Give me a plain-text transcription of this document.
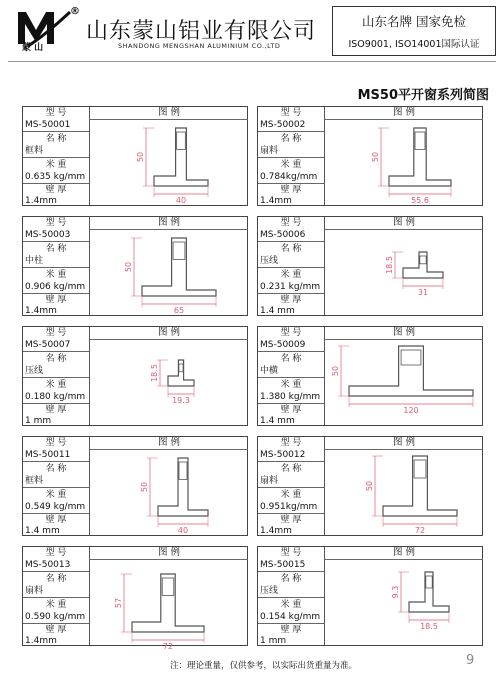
蒙 山
®
山东蒙山铝业有限公司
SHANDONG MENGSHAN ALUMINIUM CO.,LTD
山东名牌 国家免检
ISO9001, ISO14001国际认证
MS50平开窗系列简图
型 号
MS-50001
名 称
框料
米 重
0.635 kg/mm
壁 厚
1.4mm
图 例
50
40
型 号
MS-50002
名 称
扇料
米 重
0.784kg/mm
壁 厚
1.4mm
图 例
50
55.6
型 号
MS-50003
名 称
中柱
米 重
0.906 kg/mm
壁 厚
1.4mm
图 例
50
65
型 号
MS-50006
名 称
压线
米 重
0.231 kg/mm
壁 厚
1.4 mm
图 例
18.5
31
型 号
MS-50007
名 称
压线
米 重
0.180 kg/mm
壁 厚
1 mm
图 例
18.5
19.3
型 号
MS-50009
名 称
中横
米 重
1.380 kg/mm
壁 厚
1.4 mm
图 例
50
120
型 号
MS-50011
名 称
框料
米 重
0.549 kg/mm
壁 厚
1.4 mm
图 例
50
40
型 号
MS-50012
名 称
扇料
米 重
0.951kg/mm
壁 厚
1.4mm
图 例
50
72
型 号
MS-50013
名 称
扇料
米 重
0.590 kg/mm
壁 厚
1.4mm
图 例
57
72
型 号
MS-50015
名 称
压线
米 重
0.154 kg/mm
壁 厚
1 mm
图 例
9.3
18.5
注：理论重量，仅供参考，以实际出货重量为准。	9
